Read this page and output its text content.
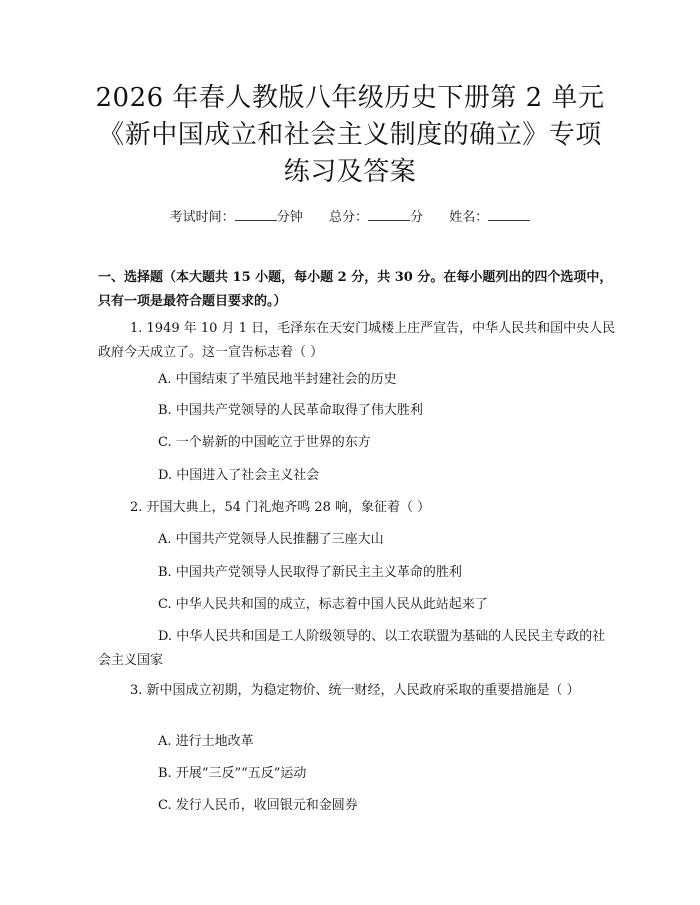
2026 年春人教版八年级历史下册第 2 单元
《新中国成立和社会主义制度的确立》专项
练习及答案
考试时间：	分钟 总分：	分 姓名：
一、选择题（本大题共 15 小题，每小题 2 分，共 30 分。在每小题列出的四个选项中，只有一项是最符合题目要求的。）
1. 1949 年 10 月 1 日，毛泽东在天安门城楼上庄严宣告，中华人民共和国中央人民政府今天成立了。这一宣告标志着（ ）
A. 中国结束了半殖民地半封建社会的历史
B. 中国共产党领导的人民革命取得了伟大胜利
C. 一个崭新的中国屹立于世界的东方
D. 中国进入了社会主义社会
2. 开国大典上，54 门礼炮齐鸣 28 响，象征着（ ）
A. 中国共产党领导人民推翻了三座大山
B. 中国共产党领导人民取得了新民主主义革命的胜利
C. 中华人民共和国的成立，标志着中国人民从此站起来了
D. 中华人民共和国是工人阶级领导的、以工农联盟为基础的人民民主专政的社会主义国家
3. 新中国成立初期，为稳定物价、统一财经，人民政府采取的重要措施是（ ）
A. 进行土地改革
B. 开展“三反”“五反”运动
C. 发行人民币，收回银元和金圆券
